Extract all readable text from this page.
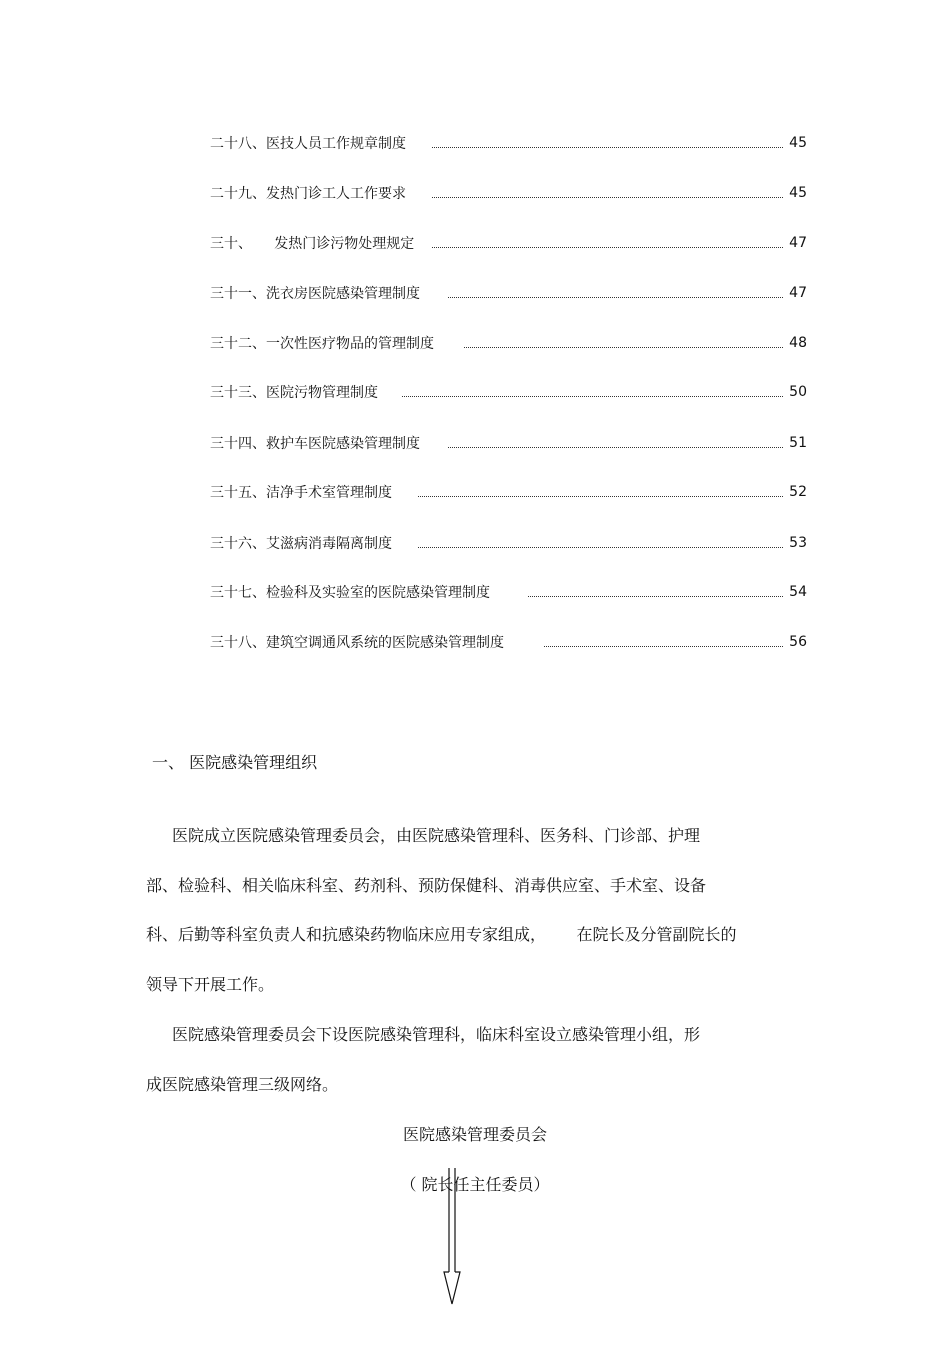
二十八、医技人员工作规章制度	45
二十九、发热门诊工人工作要求	45
三十、     发热门诊污物处理规定	47
三十一、洗衣房医院感染管理制度	47
三十二、一次性医疗物品的管理制度	48
三十三、医院污物管理制度	50
三十四、救护车医院感染管理制度	51
三十五、洁净手术室管理制度	52
三十六、艾滋病消毒隔离制度	53
三十七、检验科及实验室的医院感染管理制度	54
三十八、建筑空调通风系统的医院感染管理制度	56
一、 医院感染管理组织
医院成立医院感染管理委员会，由医院感染管理科、医务科、门诊部、护理
部、检验科、相关临床科室、药剂科、预防保健科、消毒供应室、手术室、设备
科、后勤等科室负责人和抗感染药物临床应用专家组成，      在院长及分管副院长的
领导下开展工作。
医院感染管理委员会下设医院感染管理科，临床科室设立感染管理小组，形
成医院感染管理三级网络。
医院感染管理委员会
（ 院长任主任委员）
